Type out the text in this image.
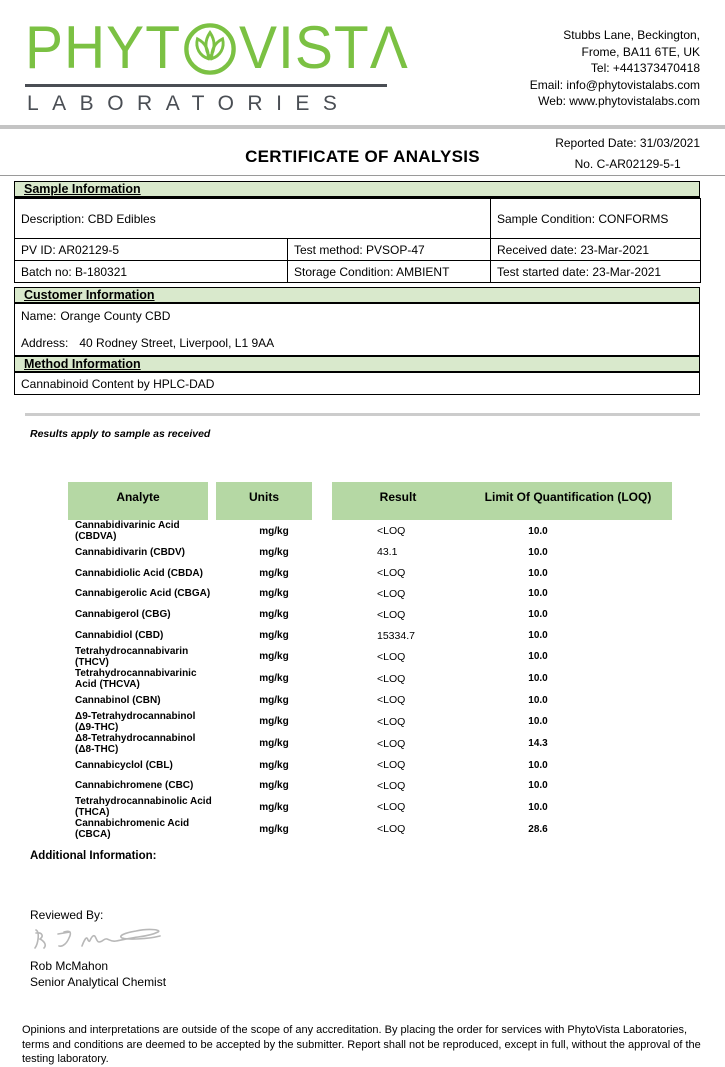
PHYT VIST Λ
LABORATORIES
Stubbs Lane, Beckington,
Frome, BA11 6TE, UK
Tel: +441373470418
Email: info@phytovistalabs.com
Web: www.phytovistalabs.com
CERTIFICATE OF ANALYSIS
Reported Date: 31/03/2021
No. C-AR02129-5-1
Sample Information
Description: CBD Edibles		Sample Condition: CONFORMS
PV ID: AR02129-5	Test method: PVSOP-47	Received date: 23-Mar-2021
Batch no: B-180321	Storage Condition: AMBIENT	Test started date: 23-Mar-2021
Customer Information
Name: Orange County CBD
Address: 40 Rodney Street, Liverpool, L1 9AA
Method Information
Cannabinoid Content by HPLC-DAD
Results apply to sample as received
Analyte	Units	Result	Limit Of Quantification (LOQ)
Cannabidivarinic Acid (CBDVA)	mg/kg	<LOQ	10.0
Cannabidivarin (CBDV)	mg/kg	43.1	10.0
Cannabidiolic Acid (CBDA)	mg/kg	<LOQ	10.0
Cannabigerolic Acid (CBGA)	mg/kg	<LOQ	10.0
Cannabigerol (CBG)	mg/kg	<LOQ	10.0
Cannabidiol (CBD)	mg/kg	15334.7	10.0
Tetrahydrocannabivarin (THCV)	mg/kg	<LOQ	10.0
Tetrahydrocannabivarinic Acid (THCVA)	mg/kg	<LOQ	10.0
Cannabinol (CBN)	mg/kg	<LOQ	10.0
Δ9-Tetrahydrocannabinol (Δ9-THC)	mg/kg	<LOQ	10.0
Δ8-Tetrahydrocannabinol (Δ8-THC)	mg/kg	<LOQ	14.3
Cannabicyclol (CBL)	mg/kg	<LOQ	10.0
Cannabichromene (CBC)	mg/kg	<LOQ	10.0
Tetrahydrocannabinolic Acid (THCA)	mg/kg	<LOQ	10.0
Cannabichromenic Acid (CBCA)	mg/kg	<LOQ	28.6
Additional Information:
Reviewed By:
Rob McMahon
Senior Analytical Chemist
Opinions and interpretations are outside of the scope of any accreditation. By placing the order for services with PhytoVista Laboratories, terms and conditions are deemed to be accepted by the submitter. Report shall not be reproduced, except in full, without the approval of the testing laboratory.
